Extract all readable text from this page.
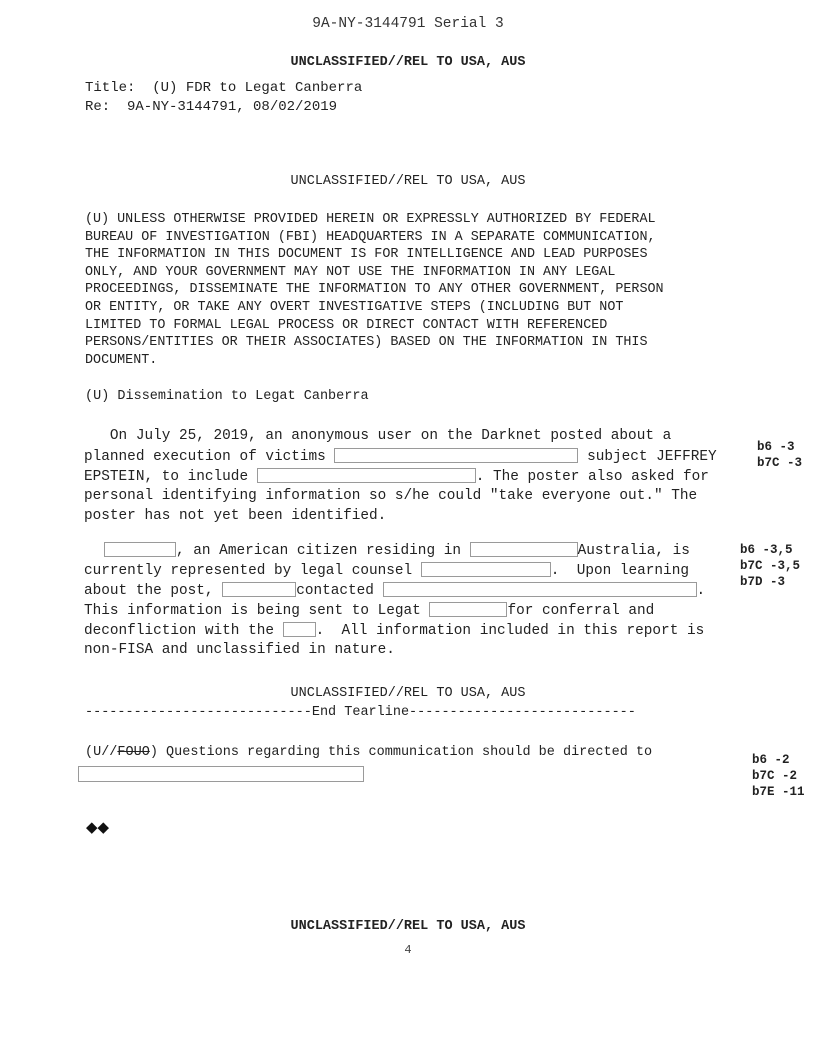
9A-NY-3144791 Serial 3
UNCLASSIFIED//REL TO USA, AUS
Title:  (U) FDR to Legat Canberra
Re:  9A-NY-3144791, 08/02/2019
UNCLASSIFIED//REL TO USA, AUS
(U) UNLESS OTHERWISE PROVIDED HEREIN OR EXPRESSLY AUTHORIZED BY FEDERAL
BUREAU OF INVESTIGATION (FBI) HEADQUARTERS IN A SEPARATE COMMUNICATION,
THE INFORMATION IN THIS DOCUMENT IS FOR INTELLIGENCE AND LEAD PURPOSES
ONLY, AND YOUR GOVERNMENT MAY NOT USE THE INFORMATION IN ANY LEGAL
PROCEEDINGS, DISSEMINATE THE INFORMATION TO ANY OTHER GOVERNMENT, PERSON
OR ENTITY, OR TAKE ANY OVERT INVESTIGATIVE STEPS (INCLUDING BUT NOT
LIMITED TO FORMAL LEGAL PROCESS OR DIRECT CONTACT WITH REFERENCED
PERSONS/ENTITIES OR THEIR ASSOCIATES) BASED ON THE INFORMATION IN THIS
DOCUMENT.
(U) Dissemination to Legat Canberra
On July 25, 2019, an anonymous user on the Darknet posted about a
planned execution of victims	subject JEFFREY
EPSTEIN, to include	. The poster also asked for
personal identifying information so s/he could "take everyone out." The
poster has not yet been identified.
, an American citizen residing in	Australia, is
currently represented by legal counsel	.  Upon learning
about the post,	contacted	.
This information is being sent to Legat	for conferral and
deconfliction with the .  All information included in this report is
non-FISA and unclassified in nature.
UNCLASSIFIED//REL TO USA, AUS
----------------------------End Tearline----------------------------
(U//FOUO) Questions regarding this communication should be directed to
◆◆
UNCLASSIFIED//REL TO USA, AUS
4
b6 -3
b7C -3
b6 -3,5
b7C -3,5
b7D -3
b6 -2
b7C -2
b7E -11
